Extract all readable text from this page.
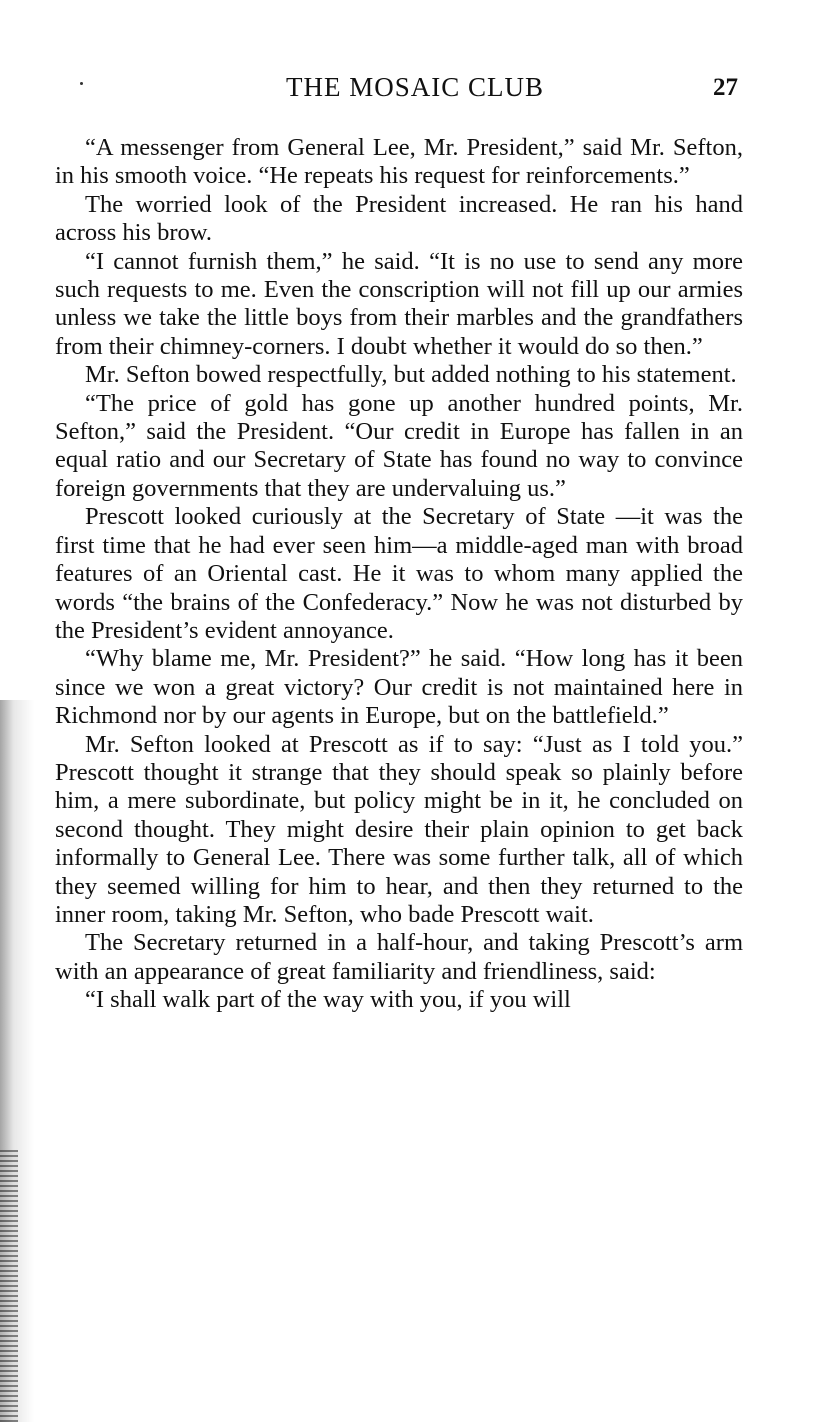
THE MOSAIC CLUB	27

“A messenger from General Lee, Mr. President,” said Mr. Sefton, in his smooth voice. “He repeats his request for reinforcements.”

The worried look of the President increased. He ran his hand across his brow.

“I cannot furnish them,” he said. “It is no use to send any more such requests to me. Even the conscription will not fill up our armies unless we take the little boys from their marbles and the grandfathers from their chimney-corners. I doubt whether it would do so then.”

Mr. Sefton bowed respectfully, but added nothing to his statement.

“The price of gold has gone up another hundred points, Mr. Sefton,” said the President. “Our credit in Europe has fallen in an equal ratio and our Secretary of State has found no way to convince foreign governments that they are undervaluing us.”

Prescott looked curiously at the Secretary of State —it was the first time that he had ever seen him—a middle-aged man with broad features of an Oriental cast. He it was to whom many applied the words “the brains of the Confederacy.” Now he was not disturbed by the President’s evident annoyance.

“Why blame me, Mr. President?” he said. “How long has it been since we won a great victory? Our credit is not maintained here in Richmond nor by our agents in Europe, but on the battlefield.”

Mr. Sefton looked at Prescott as if to say: “Just as I told you.” Prescott thought it strange that they should speak so plainly before him, a mere subordinate, but policy might be in it, he concluded on second thought. They might desire their plain opinion to get back informally to General Lee. There was some further talk, all of which they seemed willing for him to hear, and then they returned to the inner room, taking Mr. Sefton, who bade Prescott wait.

The Secretary returned in a half-hour, and taking Prescott’s arm with an appearance of great familiarity and friendliness, said:

“I shall walk part of the way with you, if you will
